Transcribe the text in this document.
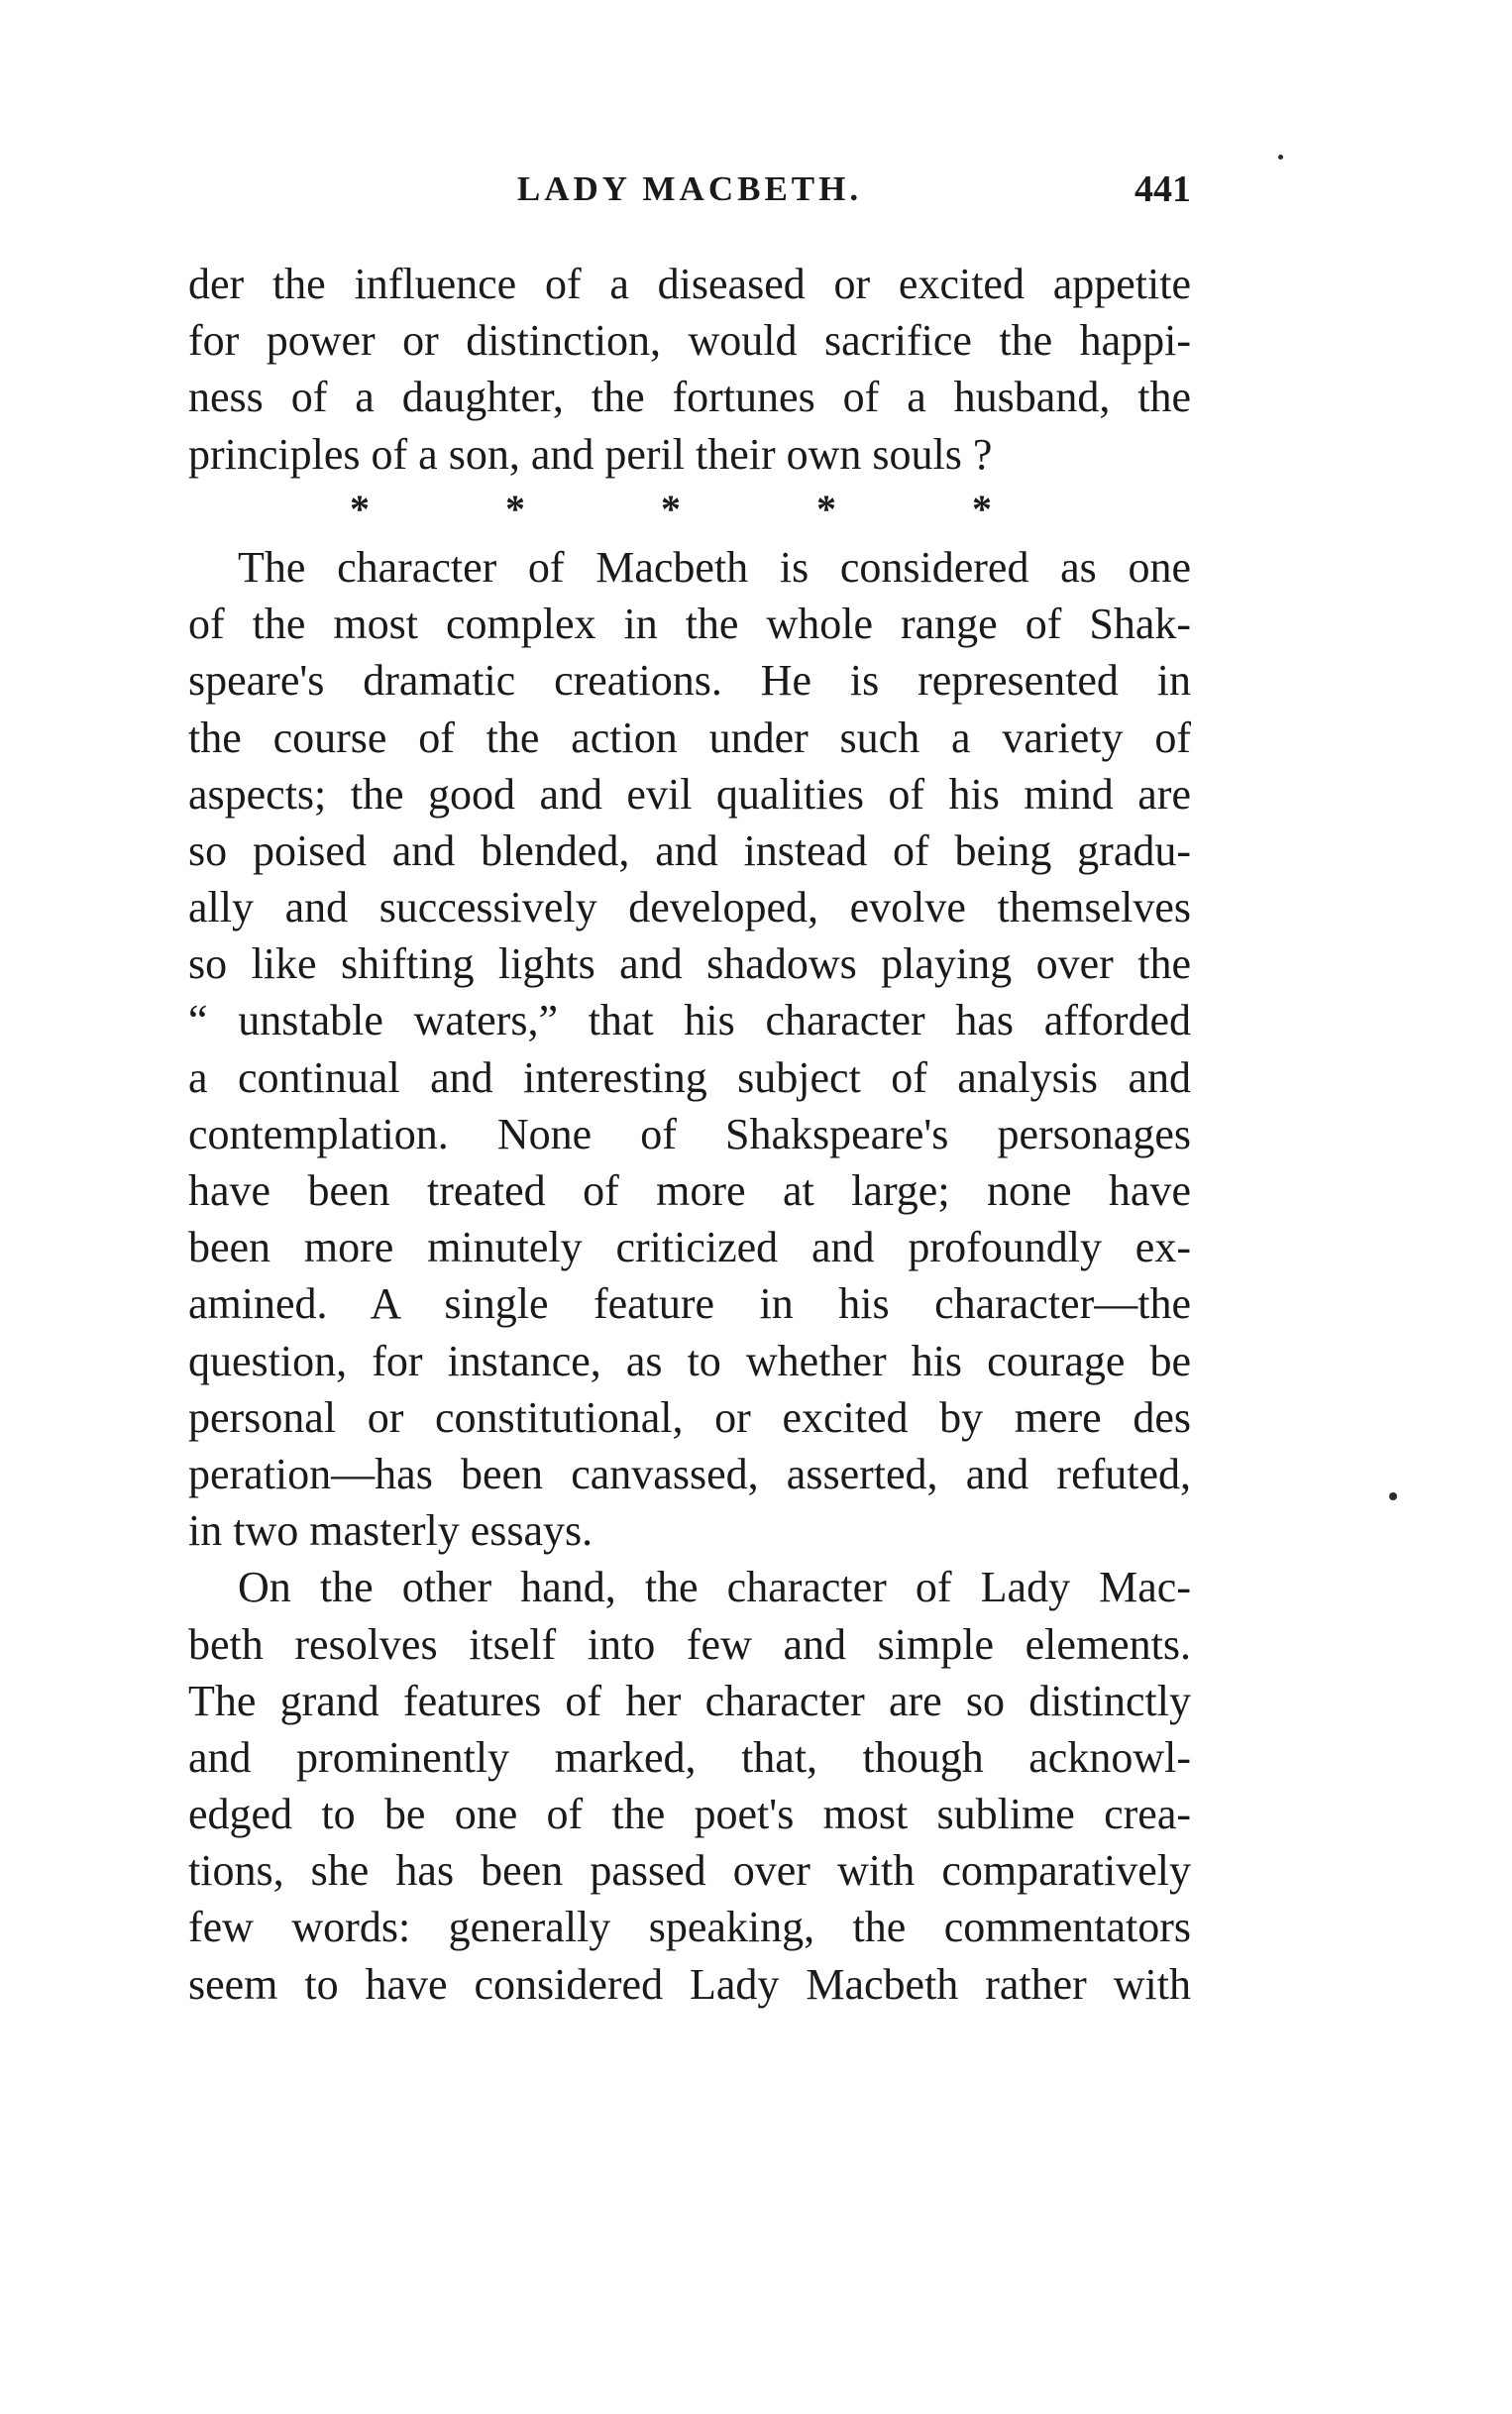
LADY MACBETH.	441
der the influence of a diseased or excited appetite
for power or distinction, would sacrifice the happi-
ness of a daughter, the fortunes of a husband, the
principles of a son, and peril their own souls ?
*	*	*	*	*
The character of Macbeth is considered as one
of the most complex in the whole range of Shak-
speare's dramatic creations. He is represented in
the course of the action under such a variety of
aspects; the good and evil qualities of his mind are
so poised and blended, and instead of being gradu-
ally and successively developed, evolve themselves
so like shifting lights and shadows playing over the
“ unstable waters,” that his character has afforded
a continual and interesting subject of analysis and
contemplation. None of Shakspeare's personages
have been treated of more at large; none have
been more minutely criticized and profoundly ex-
amined. A single feature in his character—the
question, for instance, as to whether his courage be
personal or constitutional, or excited by mere des
peration—has been canvassed, asserted, and refuted,
in two masterly essays.
On the other hand, the character of Lady Mac-
beth resolves itself into few and simple elements.
The grand features of her character are so distinctly
and prominently marked, that, though acknowl-
edged to be one of the poet's most sublime crea-
tions, she has been passed over with comparatively
few words: generally speaking, the commentators
seem to have considered Lady Macbeth rather with
